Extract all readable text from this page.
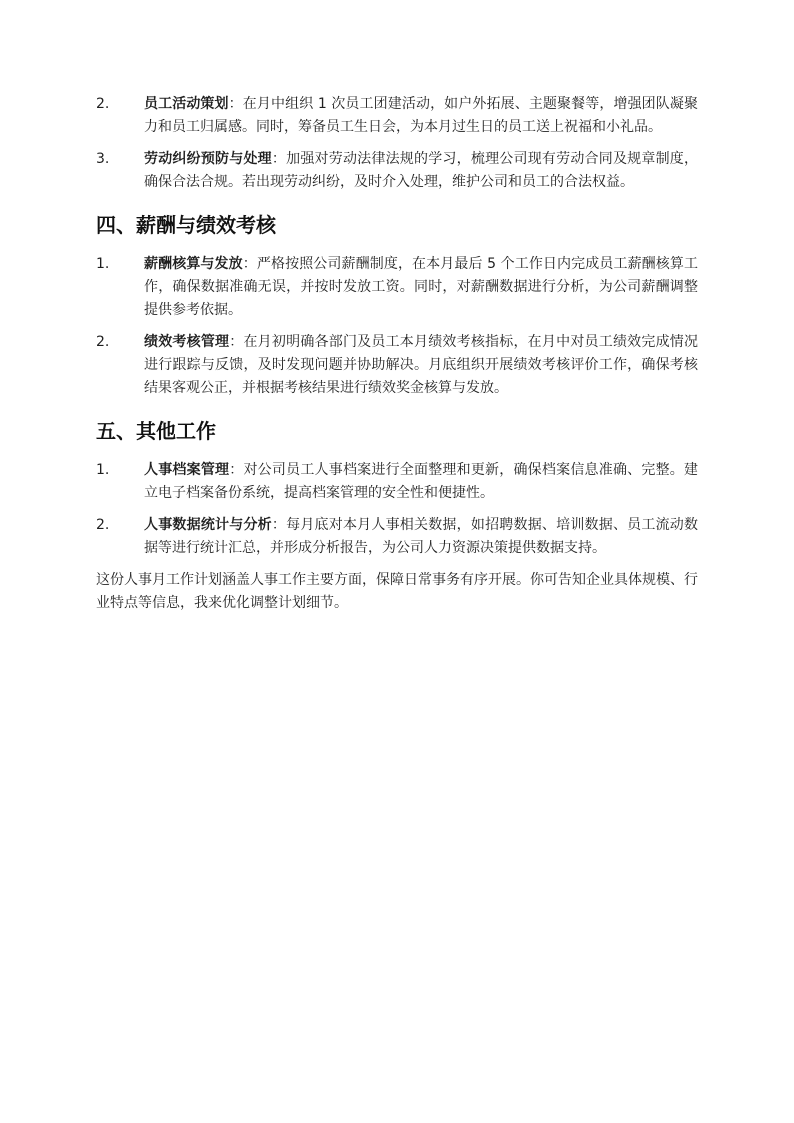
2.	员工活动策划：在月中组织 1 次员工团建活动，如户外拓展、主题聚餐等，增强团队凝聚力和员工归属感。同时，筹备员工生日会，为本月过生日的员工送上祝福和小礼品。
3.	劳动纠纷预防与处理：加强对劳动法律法规的学习，梳理公司现有劳动合同及规章制度，确保合法合规。若出现劳动纠纷，及时介入处理，维护公司和员工的合法权益。
四、薪酬与绩效考核
1.	薪酬核算与发放：严格按照公司薪酬制度，在本月最后 5 个工作日内完成员工薪酬核算工作，确保数据准确无误，并按时发放工资。同时，对薪酬数据进行分析，为公司薪酬调整提供参考依据。
2.	绩效考核管理：在月初明确各部门及员工本月绩效考核指标，在月中对员工绩效完成情况进行跟踪与反馈，及时发现问题并协助解决。月底组织开展绩效考核评价工作，确保考核结果客观公正，并根据考核结果进行绩效奖金核算与发放。
五、其他工作
1.	人事档案管理：对公司员工人事档案进行全面整理和更新，确保档案信息准确、完整。建立电子档案备份系统，提高档案管理的安全性和便捷性。
2.	人事数据统计与分析：每月底对本月人事相关数据，如招聘数据、培训数据、员工流动数据等进行统计汇总，并形成分析报告，为公司人力资源决策提供数据支持。
这份人事月工作计划涵盖人事工作主要方面，保障日常事务有序开展。你可告知企业具体规模、行业特点等信息，我来优化调整计划细节。
